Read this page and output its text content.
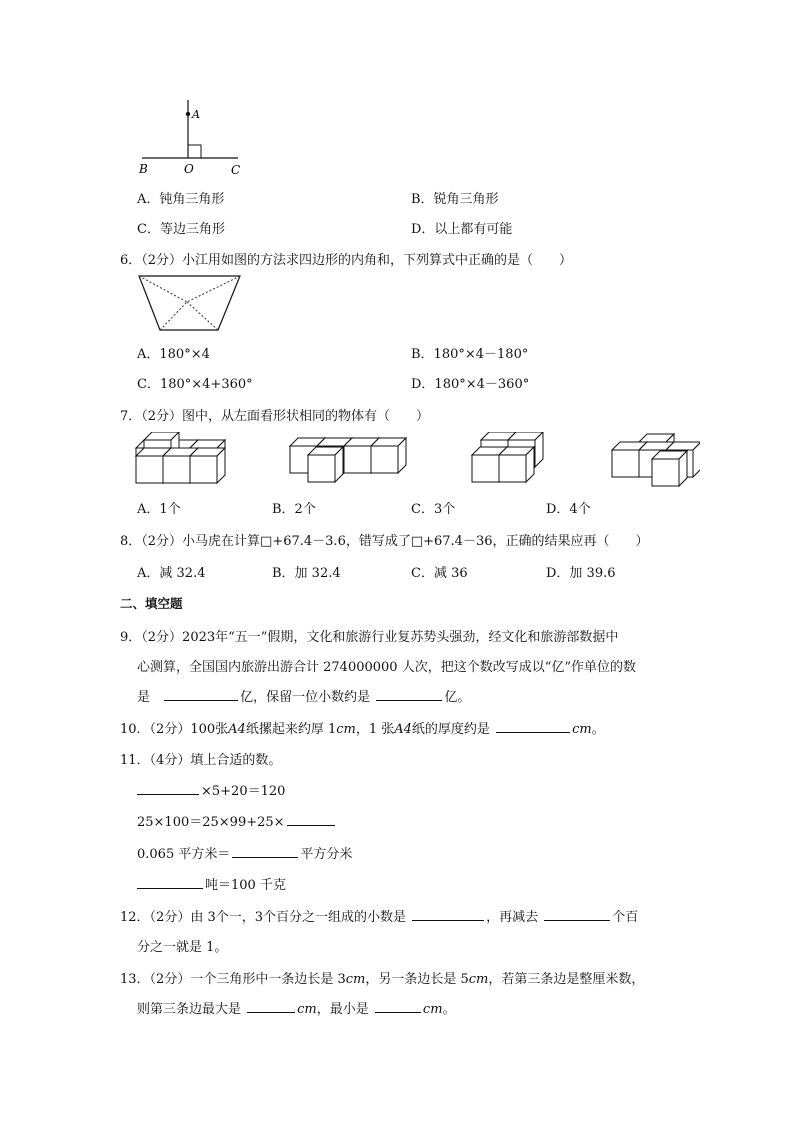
A
B	O	C
A．钝角三角形	B．锐角三角形
C．等边三角形	D．以上都有可能
6．（2分）小江用如图的方法求四边形的内角和，下列算式中正确的是（　　）
A．180°×4	B．180°×4－180°
C．180°×4+360°	D．180°×4－360°
7．（2分）图中，从左面看形状相同的物体有（　　）
A．1个	B．2个	C．3个	D．4个
8．（2分）小马虎在计算□+67.4－3.6，错写成了□+67.4－36，正确的结果应再（　　）
A．减 32.4	B．加 32.4	C．减 36	D．加 39.6
二、填空题
9．（2分）2023年“五一”假期，文化和旅游行业复苏势头强劲，经文化和旅游部数据中
心测算，全国国内旅游出游合计 274000000 人次，把这个数改写成以“亿”作单位的数
是	亿，保留一位小数约是	亿。
10．（2分）100张A4纸摞起来约厚 1cm，1 张A4纸的厚度约是	cm。
11．（4分）填上合适的数。
×5+20＝120
25×100＝25×99+25×
0.065 平方米＝	平方分米
吨＝100 千克
12．（2分）由 3个一，3个百分之一组成的小数是	，再减去	个百
分之一就是 1。
13．（2分）一个三角形中一条边长是 3cm，另一条边长是 5cm，若第三条边是整厘米数，
则第三条边最大是	cm，最小是	cm。
